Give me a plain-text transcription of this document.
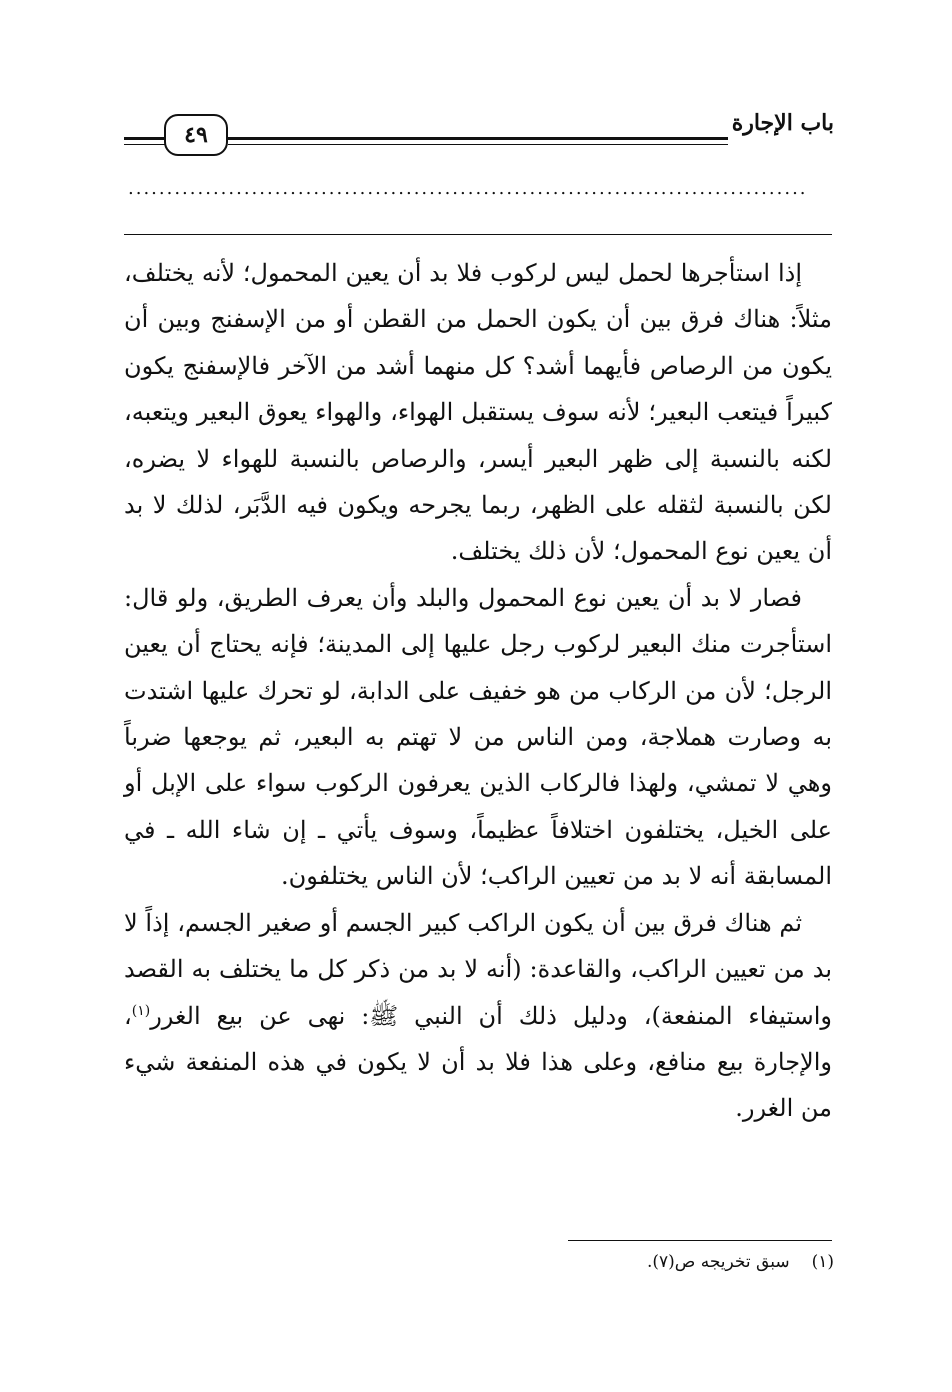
باب الإجارة
٤٩
........................................................................................

إذا استأجرها لحمل ليس لركوب فلا بد أن يعين المحمول؛ لأنه يختلف، مثلاً: هناك فرق بين أن يكون الحمل من القطن أو من الإسفنج وبين أن يكون من الرصاص فأيهما أشد؟ كل منهما أشد من الآخر فالإسفنج يكون كبيراً فيتعب البعير؛ لأنه سوف يستقبل الهواء، والهواء يعوق البعير ويتعبه، لكنه بالنسبة إلى ظهر البعير أيسر، والرصاص بالنسبة للهواء لا يضره، لكن بالنسبة لثقله على الظهر، ربما يجرحه ويكون فيه الدَّبَر، لذلك لا بد أن يعين نوع المحمول؛ لأن ذلك يختلف.

فصار لا بد أن يعين نوع المحمول والبلد وأن يعرف الطريق، ولو قال: استأجرت منك البعير لركوب رجل عليها إلى المدينة؛ فإنه يحتاج أن يعين الرجل؛ لأن من الركاب من هو خفيف على الدابة، لو تحرك عليها اشتدت به وصارت هملاجة، ومن الناس من لا تهتم به البعير، ثم يوجعها ضرباً وهي لا تمشي، ولهذا فالركاب الذين يعرفون الركوب سواء على الإبل أو على الخيل، يختلفون اختلافاً عظيماً، وسوف يأتي ـ إن شاء الله ـ في المسابقة أنه لا بد من تعيين الراكب؛ لأن الناس يختلفون.

ثم هناك فرق بين أن يكون الراكب كبير الجسم أو صغير الجسم، إذاً لا بد من تعيين الراكب، والقاعدة: (أنه لا بد من ذكر كل ما يختلف به القصد واستيفاء المنفعة)، ودليل ذلك أن النبي ﷺ: نهى عن بيع الغرر$^{(١)}$، والإجارة بيع منافع، وعلى هذا فلا بد أن لا يكون في هذه المنفعة شيء من الغرر.

(١)سبق تخريجه ص(٧).
